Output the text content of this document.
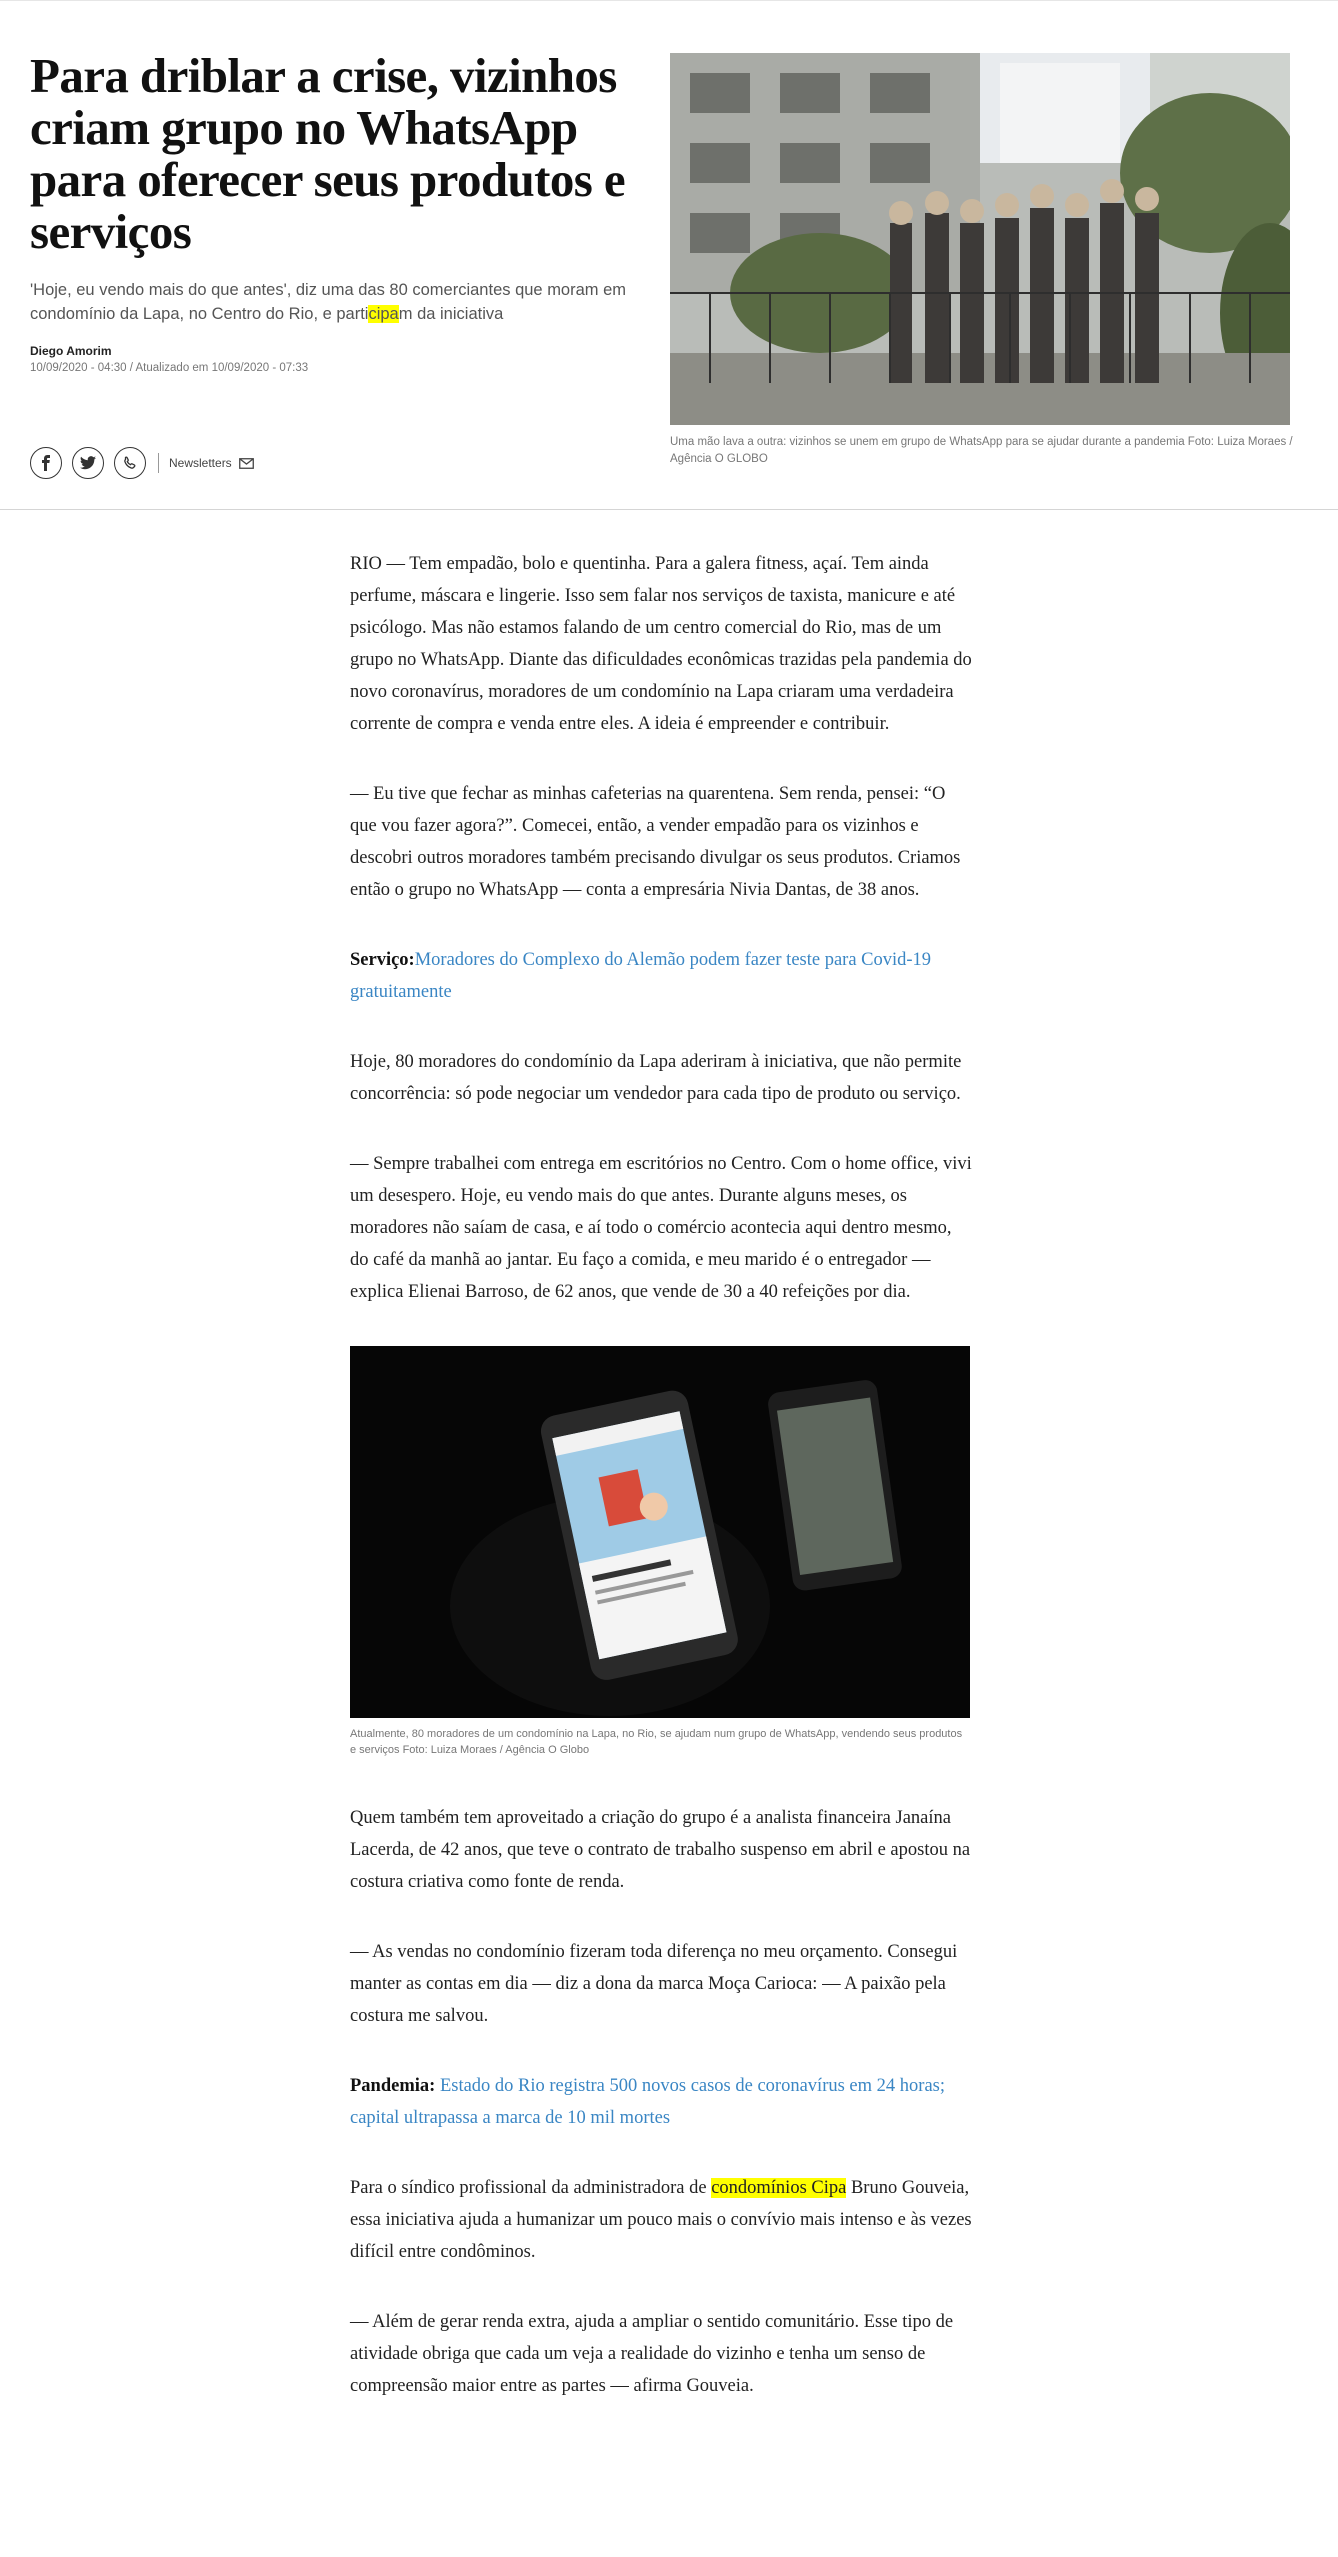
Para driblar a crise, vizinhos criam grupo no WhatsApp para oferecer seus produtos e serviços

'Hoje, eu vendo mais do que antes', diz uma das 80 comerciantes que moram em condomínio da Lapa, no Centro do Rio, e participam da iniciativa

Diego Amorim
10/09/2020 - 04:30 / Atualizado em 10/09/2020 - 07:33
Newsletters

Uma mão lava a outra: vizinhos se unem em grupo de WhatsApp para se ajudar durante a pandemia Foto: Luiza Moraes / Agência O GLOBO

RIO — Tem empadão, bolo e quentinha. Para a galera fitness, açaí. Tem ainda perfume, máscara e lingerie. Isso sem falar nos serviços de taxista, manicure e até psicólogo. Mas não estamos falando de um centro comercial do Rio, mas de um grupo no WhatsApp. Diante das dificuldades econômicas trazidas pela pandemia do novo coronavírus, moradores de um condomínio na Lapa criaram uma verdadeira corrente de compra e venda entre eles. A ideia é empreender e contribuir.

— Eu tive que fechar as minhas cafeterias na quarentena. Sem renda, pensei: “O que vou fazer agora?”. Comecei, então, a vender empadão para os vizinhos e descobri outros moradores também precisando divulgar os seus produtos. Criamos então o grupo no WhatsApp — conta a empresária Nivia Dantas, de 38 anos.

Serviço:Moradores do Complexo do Alemão podem fazer teste para Covid-19 gratuitamente

Hoje, 80 moradores do condomínio da Lapa aderiram à iniciativa, que não permite concorrência: só pode negociar um vendedor para cada tipo de produto ou serviço.

— Sempre trabalhei com entrega em escritórios no Centro. Com o home office, vivi um desespero. Hoje, eu vendo mais do que antes. Durante alguns meses, os moradores não saíam de casa, e aí todo o comércio acontecia aqui dentro mesmo, do café da manhã ao jantar. Eu faço a comida, e meu marido é o entregador — explica Elienai Barroso, de 62 anos, que vende de 30 a 40 refeições por dia.

Atualmente, 80 moradores de um condomínio na Lapa, no Rio, se ajudam num grupo de WhatsApp, vendendo seus produtos e serviços Foto: Luiza Moraes / Agência O Globo

Quem também tem aproveitado a criação do grupo é a analista financeira Janaína Lacerda, de 42 anos, que teve o contrato de trabalho suspenso em abril e apostou na costura criativa como fonte de renda.

— As vendas no condomínio fizeram toda diferença no meu orçamento. Consegui manter as contas em dia — diz a dona da marca Moça Carioca: — A paixão pela costura me salvou.

Pandemia: Estado do Rio registra 500 novos casos de coronavírus em 24 horas; capital ultrapassa a marca de 10 mil mortes

Para o síndico profissional da administradora de condomínios Cipa Bruno Gouveia, essa iniciativa ajuda a humanizar um pouco mais o convívio mais intenso e às vezes difícil entre condôminos.

— Além de gerar renda extra, ajuda a ampliar o sentido comunitário. Esse tipo de atividade obriga que cada um veja a realidade do vizinho e tenha um senso de compreensão maior entre as partes — afirma Gouveia.
